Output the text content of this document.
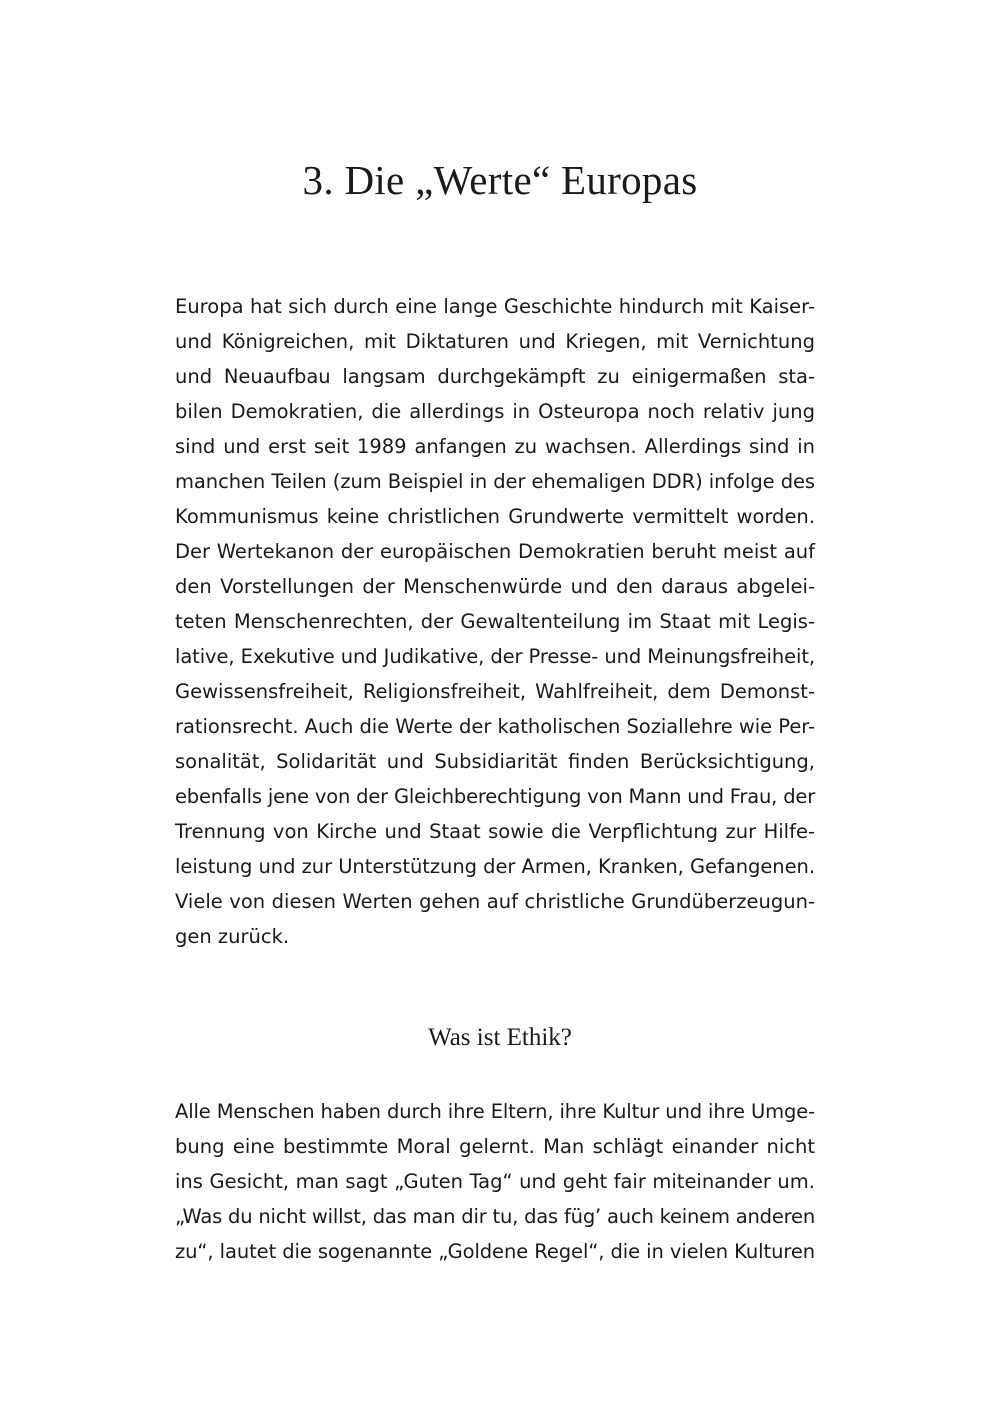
3. Die „Werte“ Europas
Europa hat sich durch eine lange Geschichte hindurch mit Kaiser-
und Königreichen, mit Diktaturen und Kriegen, mit Vernichtung
und Neuaufbau langsam durchgekämpft zu einigermaßen sta-
bilen Demokratien, die allerdings in Osteuropa noch relativ jung
sind und erst seit 1989 anfangen zu wachsen. Allerdings sind in
manchen Teilen (zum Beispiel in der ehemaligen DDR) infolge des
Kommunismus keine christlichen Grundwerte vermittelt worden.
Der Wertekanon der europäischen Demokratien beruht meist auf
den Vorstellungen der Menschenwürde und den daraus abgelei-
teten Menschenrechten, der Gewaltenteilung im Staat mit Legis-
lative, Exekutive und Judikative, der Presse- und Meinungsfreiheit,
Gewissensfreiheit, Religionsfreiheit, Wahlfreiheit, dem Demonst-
rationsrecht. Auch die Werte der katholischen Soziallehre wie Per-
sonalität, Solidarität und Subsidiarität finden Berücksichtigung,
ebenfalls jene von der Gleichberechtigung von Mann und Frau, der
Trennung von Kirche und Staat sowie die Verpflichtung zur Hilfe-
leistung und zur Unterstützung der Armen, Kranken, Gefangenen.
Viele von diesen Werten gehen auf christliche Grundüberzeugun-
gen zurück.
Was ist Ethik?
Alle Menschen haben durch ihre Eltern, ihre Kultur und ihre Umge-
bung eine bestimmte Moral gelernt. Man schlägt einander nicht
ins Gesicht, man sagt „Guten Tag“ und geht fair miteinander um.
„Was du nicht willst, das man dir tu, das füg’ auch keinem anderen
zu“, lautet die sogenannte „Goldene Regel“, die in vielen Kulturen
